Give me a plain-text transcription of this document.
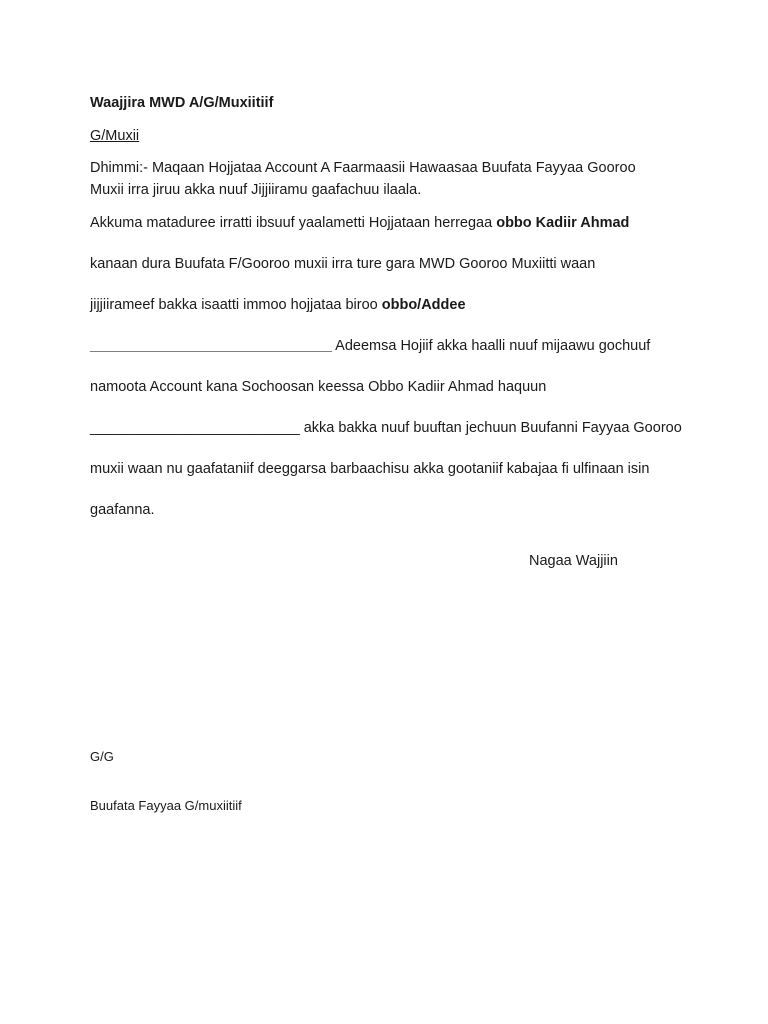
Waajjira MWD A/G/Muxiitiif
G/Muxii
Dhimmi:- Maqaan Hojjataa Account A Faarmaasii Hawaasaa Buufata Fayyaa Gooroo
Muxii irra jiruu akka nuuf Jijjiiramu gaafachuu ilaala.
Akkuma mataduree irratti ibsuuf yaalametti Hojjataan herregaa obbo Kadiir Ahmad
kanaan dura Buufata F/Gooroo muxii irra ture gara MWD Gooroo Muxiitti waan
jijjiirameef bakka isaatti immoo hojjataa biroo obbo/Addee
______________________________ Adeemsa Hojiif akka haalli nuuf mijaawu gochuuf
namoota Account kana Sochoosan keessa Obbo Kadiir Ahmad haquun
__________________________ akka bakka nuuf buuftan jechuun Buufanni Fayyaa Gooroo
muxii waan nu gaafataniif deeggarsa barbaachisu akka gootaniif kabajaa fi ulfinaan isin
gaafanna.
Nagaa Wajjiin
G/G
Buufata Fayyaa G/muxiitiif
